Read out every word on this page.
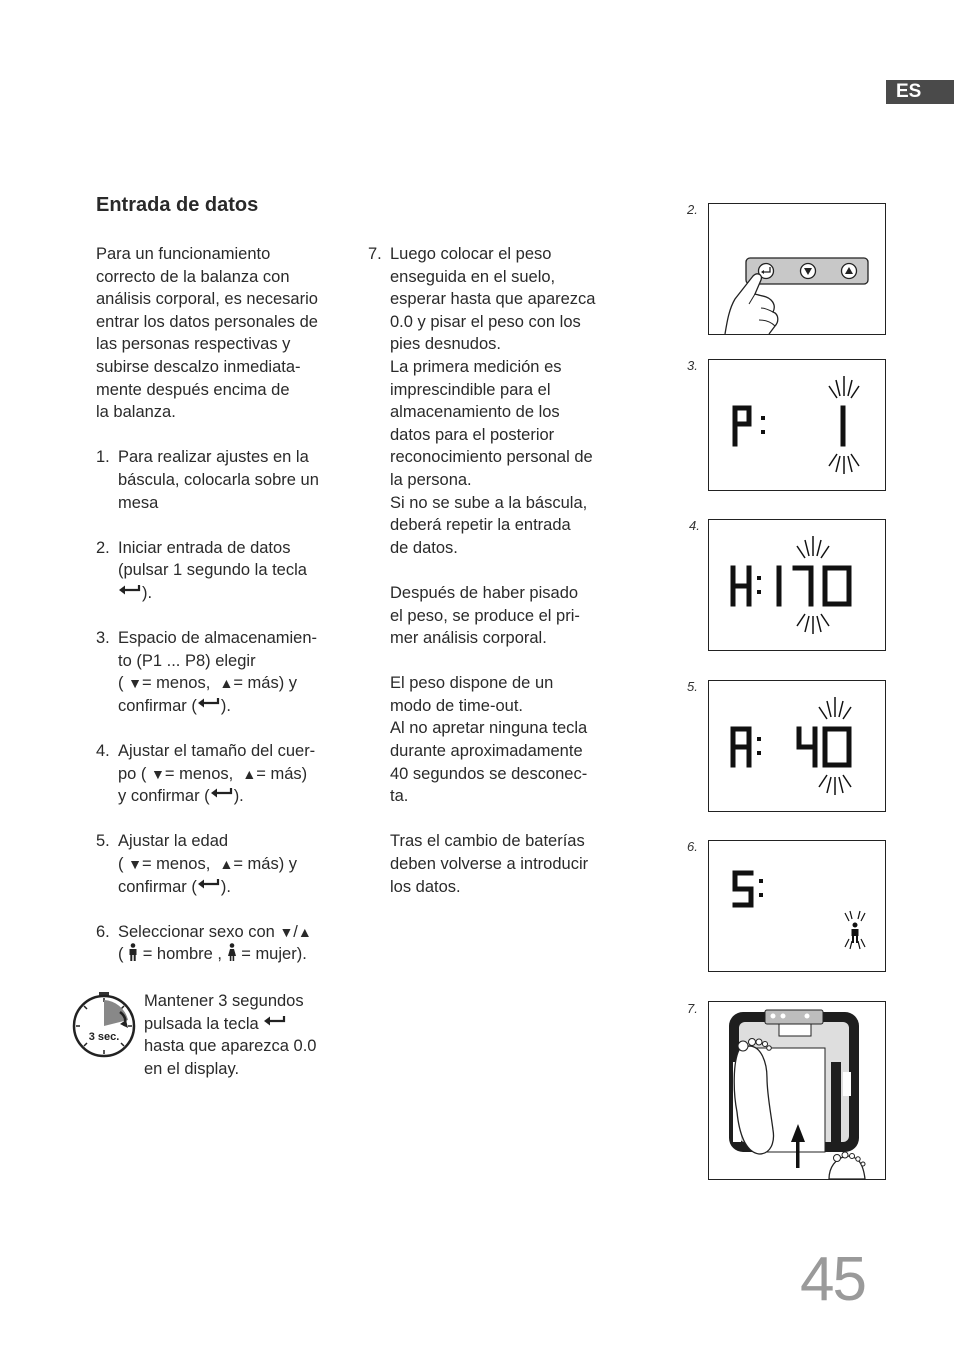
ES
Entrada de datos

Para un funcionamiento
correcto de la balanza con
análisis corporal, es necesario
entrar los datos personales de
las personas respectivas y
subirse descalzo inmediata-
mente después encima de
la balanza.

1. Para realizar ajustes en la
báscula, colocarla sobre un
mesa
2. Iniciar entrada de datos
(pulsar 1 segundo la tecla
).
3. Espacio de almacenamien-
to (P1 ... P8) elegir
( ▼= menos, ▲= más) y
confirmar ( ).
4. Ajustar el tamaño del cuer-
po ( ▼= menos, ▲= más)
y confirmar ( ).
5. Ajustar la edad
( ▼= menos, ▲= más) y
confirmar ( ).
6. Seleccionar sexo con ▼/▲
( = hombre , = mujer).
3 sec.
Mantener 3 segundos
pulsada la tecla
hasta que aparezca 0.0
en el display.
7. Luego colocar el peso
enseguida en el suelo,
esperar hasta que aparezca
0.0 y pisar el peso con los
pies desnudos.
La primera medición es
imprescindible para el
almacenamiento de los
datos para el posterior
reconocimiento personal de
la persona.
Si no se sube a la báscula,
deberá repetir la entrada
de datos.

Después de haber pisado
el peso, se produce el pri-
mer análisis corporal.

El peso dispone de un
modo de time-out.
Al no apretar ninguna tecla
durante aproximadamente
40 segundos se desconec-
ta.

Tras el cambio de baterías
deben volverse a introducir
los datos.

2.
3.
4.
5.
6.
7.
45
